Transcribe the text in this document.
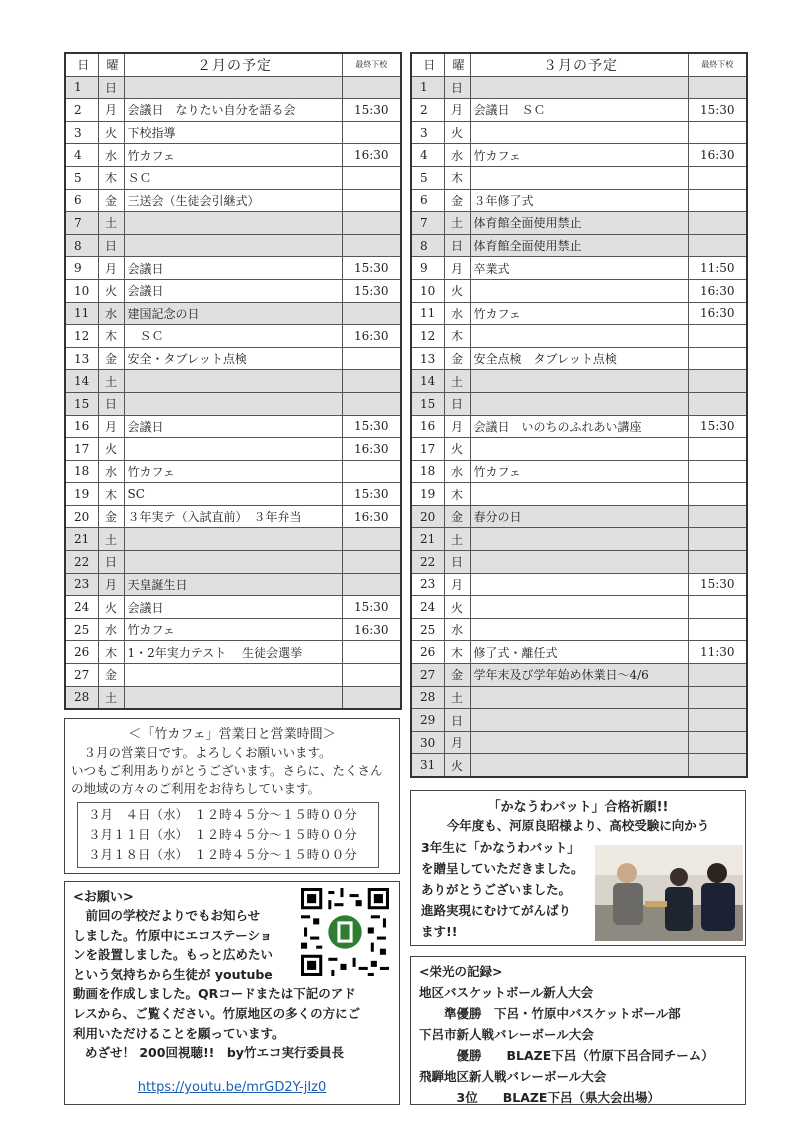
日	曜	２月の予定	最終下校
1	日		
2	月	会議日　なりたい自分を語る会	15:30
3	火	下校指導	
4	水	竹カフェ	16:30
5	木	ＳＣ	
6	金	三送会（生徒会引継式）	
7	土		
8	日		
9	月	会議日	15:30
10	火	会議日	15:30
11	水	建国記念の日	
12	木	　ＳＣ	16:30
13	金	安全・タブレット点検	
14	土		
15	日		
16	月	会議日	15:30
17	火		16:30
18	水	竹カフェ	
19	木	SC	15:30
20	金	３年実テ（入試直前）　３年弁当	16:30
21	土		
22	日		
23	月	天皇誕生日	
24	火	会議日	15:30
25	水	竹カフェ	16:30
26	木	1・2年実力テスト　 生徒会選挙	
27	金		
28	土		
日	曜	３月の予定	最終下校
1	日		
2	月	会議日　ＳＣ	15:30
3	火		
4	水	竹カフェ	16:30
5	木		
6	金	３年修了式	
7	土	体育館全面使用禁止	
8	日	体育館全面使用禁止	
9	月	卒業式	11:50
10	火		16:30
11	水	竹カフェ	16:30
12	木		
13	金	安全点検　タブレット点検	
14	土		
15	日		
16	月	会議日　いのちのふれあい講座	15:30
17	火		
18	水	竹カフェ	
19	木		
20	金	春分の日	
21	土		
22	日		
23	月		15:30
24	火		
25	水		
26	木	修了式・離任式	11:30
27	金	学年末及び学年始め休業日～4/6	
28	土		
29	日		
30	月		
31	火		
＜「竹カフェ」営業日と営業時間＞
　３月の営業日です。よろしくお願いいます。
いつもご利用ありがとうございます。さらに、たくさん
の地域の方々のご利用をお待ちしています。
３月　４日（水）　１２時４５分～１５時００分
３月１１日（水）　１２時４５分～１５時００分
３月１８日（水）　１２時４５分～１５時００分
<お願い>
　前回の学校だよりでもお知らせ
しました。竹原中にエコステーショ
ンを設置しました。もっと広めたい
という気持ちから生徒が youtube
動画を作成しました。QRコードまたは下記のアド
レスから、ご覧ください。竹原地区の多くの方にご
利用いただけることを願っています。
めざせ！ 200回視聴!!　by竹エコ実行委員長
https://youtu.be/mrGD2Y-jIz0
「かなうわバット」合格祈願!!
今年度も、河原良昭様より、高校受験に向かう
3年生に「かなうわバット」
を贈呈していただきました。
ありがとうございました。
進路実現にむけてがんばり
ます!!
<栄光の記録>
地区バスケットボール新人大会
　　準優勝　下呂・竹原中バスケットボール部
下呂市新人戦バレーボール大会
　　　優勝　　BLAZE下呂（竹原下呂合同チーム）
飛騨地区新人戦バレーボール大会
　　　3位　　BLAZE下呂（県大会出場）
